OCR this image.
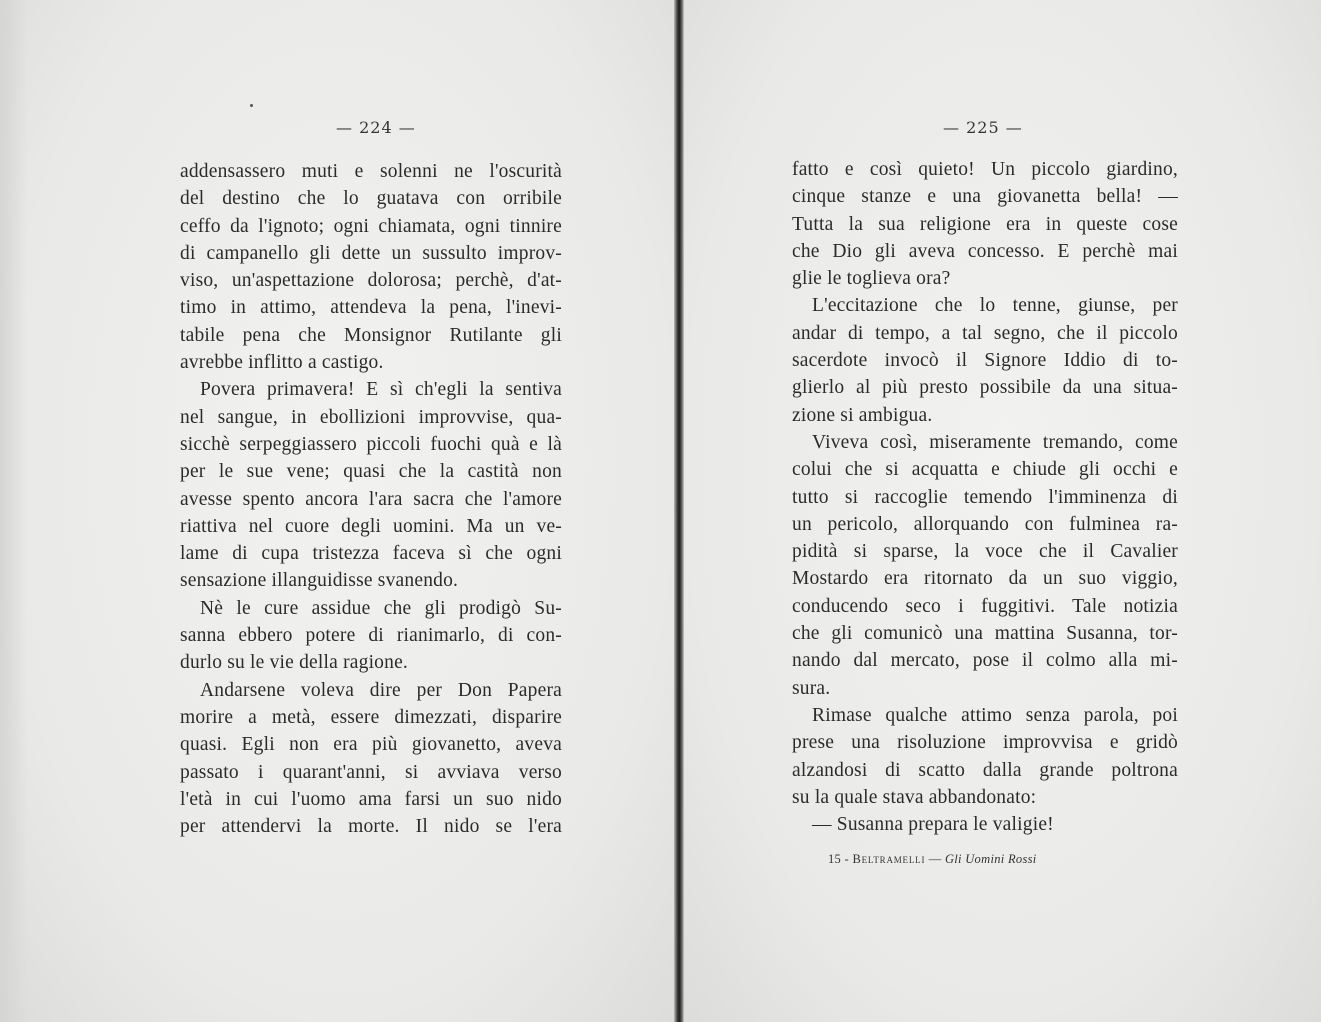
— 224 —
addensassero muti e solenni ne l'oscurità
del destino che lo guatava con orribile
ceffo da l'ignoto; ogni chiamata, ogni tinnire
di campanello gli dette un sussulto improv-
viso, un'aspettazione dolorosa; perchè, d'at-
timo in attimo, attendeva la pena, l'inevi-
tabile pena che Monsignor Rutilante gli
avrebbe inflitto a castigo.
Povera primavera! E sì ch'egli la sentiva
nel sangue, in ebollizioni improvvise, qua-
sicchè serpeggiassero piccoli fuochi quà e là
per le sue vene; quasi che la castità non
avesse spento ancora l'ara sacra che l'amore
riattiva nel cuore degli uomini. Ma un ve-
lame di cupa tristezza faceva sì che ogni
sensazione illanguidisse svanendo.
Nè le cure assidue che gli prodigò Su-
sanna ebbero potere di rianimarlo, di con-
durlo su le vie della ragione.
Andarsene voleva dire per Don Papera
morire a metà, essere dimezzati, disparire
quasi. Egli non era più giovanetto, aveva
passato i quarant'anni, si avviava verso
l'età in cui l'uomo ama farsi un suo nido
per attendervi la morte. Il nido se l'era
— 225 —
fatto e così quieto! Un piccolo giardino,
cinque stanze e una giovanetta bella! —
Tutta la sua religione era in queste cose
che Dio gli aveva concesso. E perchè mai
glie le toglieva ora?
L'eccitazione che lo tenne, giunse, per
andar di tempo, a tal segno, che il piccolo
sacerdote invocò il Signore Iddio di to-
glierlo al più presto possibile da una situa-
zione si ambigua.
Viveva così, miseramente tremando, come
colui che si acquatta e chiude gli occhi e
tutto si raccoglie temendo l'imminenza di
un pericolo, allorquando con fulminea ra-
pidità si sparse, la voce che il Cavalier
Mostardo era ritornato da un suo viggio,
conducendo seco i fuggitivi. Tale notizia
che gli comunicò una mattina Susanna, tor-
nando dal mercato, pose il colmo alla mi-
sura.
Rimase qualche attimo senza parola, poi
prese una risoluzione improvvisa e gridò
alzandosi di scatto dalla grande poltrona
su la quale stava abbandonato:
— Susanna prepara le valigie!
15 - Beltramelli — Gli Uomini Rossi
